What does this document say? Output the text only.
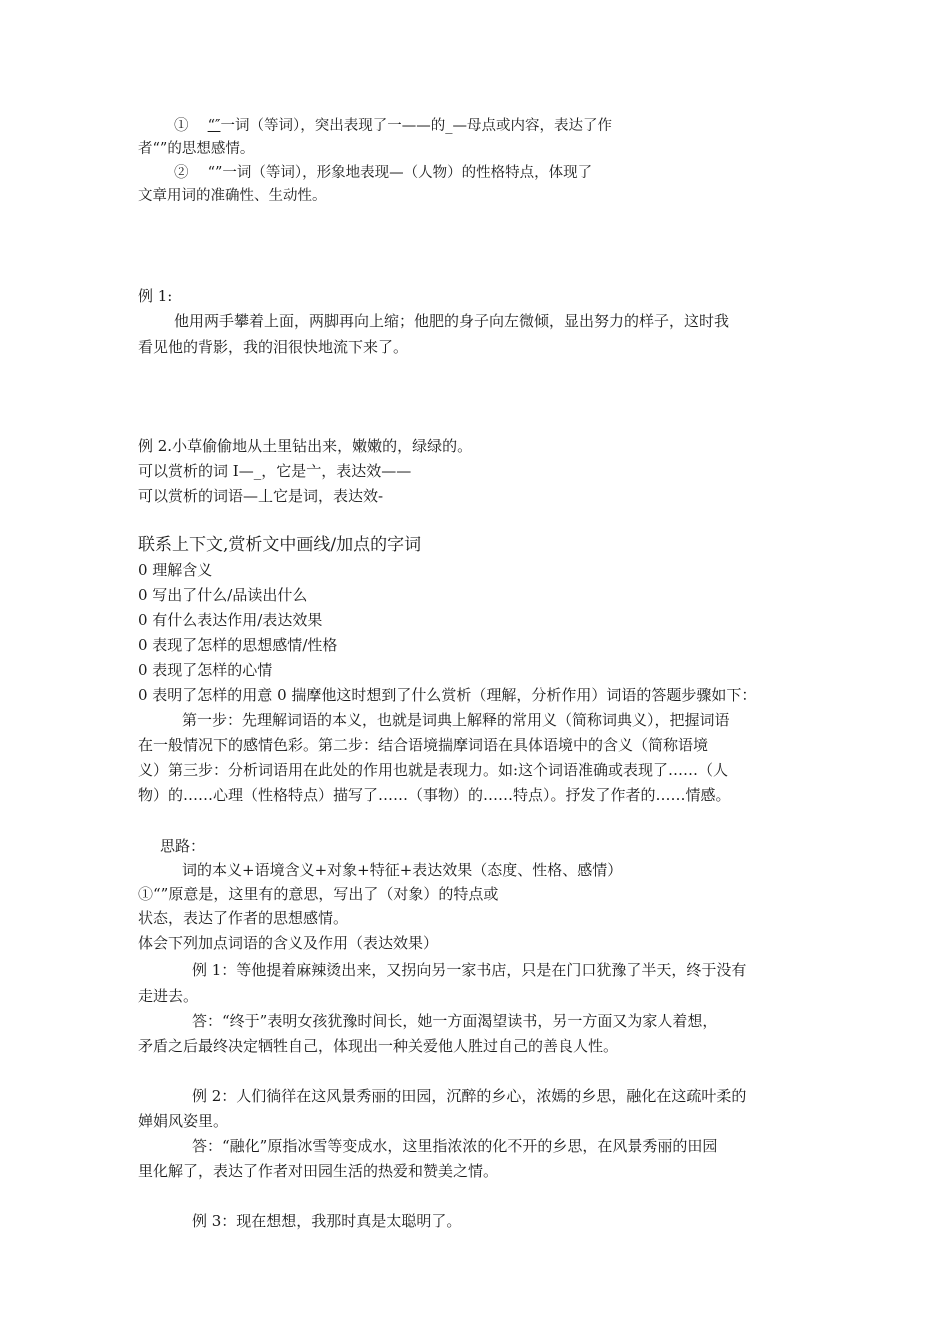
①　 “″一词（等词），突出表现了一——的_—母点或内容，表达了作
者“”的思想感情。
②　 “”一词（等词），形象地表现—（人物）的性格特点，体现了
文章用词的准确性、生动性。
例 1:
他用两手攀着上面，两脚再向上缩；他肥的身子向左微倾，显出努力的样子，这时我
看见他的背影，我的泪很快地流下来了。
例 2.小草偷偷地从土里钻出来，嫩嫩的，绿绿的。
可以赏析的词 I—_，它是亠，表达效——
可以赏析的词语—丄它是词，表达效-
联系上下文,赏析文中画线/加点的字词
0 理解含义
0 写出了什么/品读出什么
0 有什么表达作用/表达效果
0 表现了怎样的思想感情/性格
0 表现了怎样的心情
0 表明了怎样的用意 0 揣摩他这时想到了什么赏析（理解，分析作用）词语的答题步骤如下：
第一步：先理解词语的本义，也就是词典上解释的常用义（简称词典义），把握词语
在一般情况下的感情色彩。第二步：结合语境揣摩词语在具体语境中的含义（简称语境
义）第三步：分析词语用在此处的作用也就是表现力。如:这个词语准确或表现了……（人
物）的……心理（性格特点）描写了……（事物）的……特点）。抒发了作者的……情感。
思路：
词的本义+语境含义+对象+特征+表达效果（态度、性格、感情）
①“”原意是，这里有的意思，写出了（对象）的特点或
状态，表达了作者的思想感情。
体会下列加点词语的含义及作用（表达效果）
例 1：等他提着麻辣烫出来，又拐向另一家书店，只是在门口犹豫了半天，终于没有
走进去。
答：“终于”表明女孩犹豫时间长，她一方面渴望读书，另一方面又为家人着想，
矛盾之后最终决定牺牲自己，体现出一种关爱他人胜过自己的善良人性。
例 2：人们徜徉在这风景秀丽的田园，沉醉的乡心，浓嫣的乡思，融化在这疏叶柔的
婵娟风姿里。
答：“融化”原指冰雪等变成水，这里指浓浓的化不开的乡思，在风景秀丽的田园
里化解了，表达了作者对田园生活的热爱和赞美之情。
例 3：现在想想，我那时真是太聪明了。
